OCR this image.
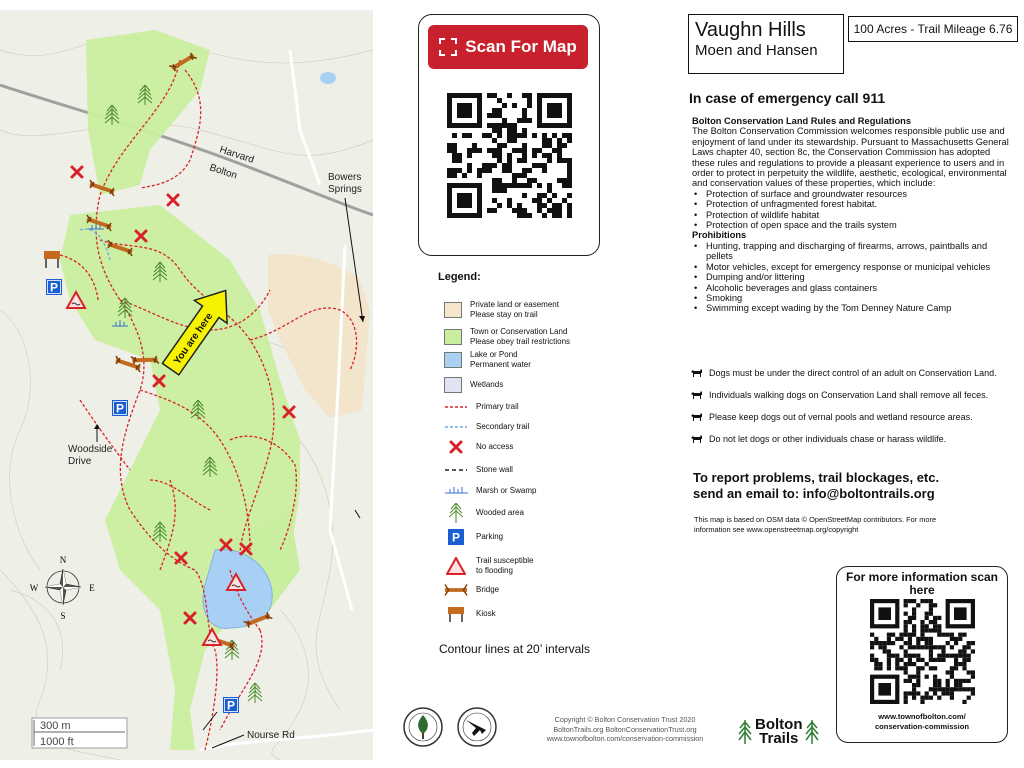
P
P
P
You are here
Harvard
Bolton	Bowers
Springs
Woodside
Drive
Nourse Rd
N
S
E
W
300 m
1000 ft
Scan For Map
Legend:
Private land or easement
Please stay on trail
Town or Conservation Land
Please obey trail restrictions
Lake or Pond
Permanent water
Wetlands
Primary trail
Secondary trail
No access
Stone wall
Marsh or Swamp
Wooded area
P Parking
Trail susceptible
to flooding
Bridge
Kiosk
Contour lines at 20’ intervals
Vaughn Hills
Moen and Hansen
100 Acres - Trail Mileage 6.76
In case of emergency call 911
Bolton Conservation Land Rules and Regulations
The Bolton Conservation Commission welcomes responsible public use and enjoyment of land under its stewardship. Pursuant to Massachusetts General Laws chapter 40, section 8c, the Conservation Commission has adopted these rules and regulations to provide a pleasant experience to users and in order to protect in perpetuity the wildlife, aesthetic, ecological, environmental and conservation values of these properties, which include:
• Protection of surface and groundwater resources
• Protection of unfragmented forest habitat.
• Protection of wildlife habitat
• Protection of open space and the trails system
Prohibitions
• Hunting, trapping and discharging of firearms, arrows, paintballs and pellets
• Motor vehicles, except for emergency response or municipal vehicles
• Dumping and/or littering
• Alcoholic beverages and glass containers
• Smoking
• Swimming except wading by the Tom Denney Nature Camp
Dogs must be under the direct control of an adult on Conservation Land.
Individuals walking dogs on Conservation Land shall remove all feces.
Please keep dogs out of vernal pools and wetland resource areas.
Do not let dogs or other individuals chase or harass wildlife.
To report problems, trail blockages, etc.
send an email to: info@boltontrails.org
This map is based on OSM data © OpenStreetMap contributors. For more information see www.openstreetmap.org/copyright
For more information scan here
www.townofbolton.com/
conservation-commission
Copyright © Bolton Conservation Trust 2020
BoltonTrails.org BoltonConservationTrust.org
www.townofbolton.com/conservation-commission
Bolton
Trails
